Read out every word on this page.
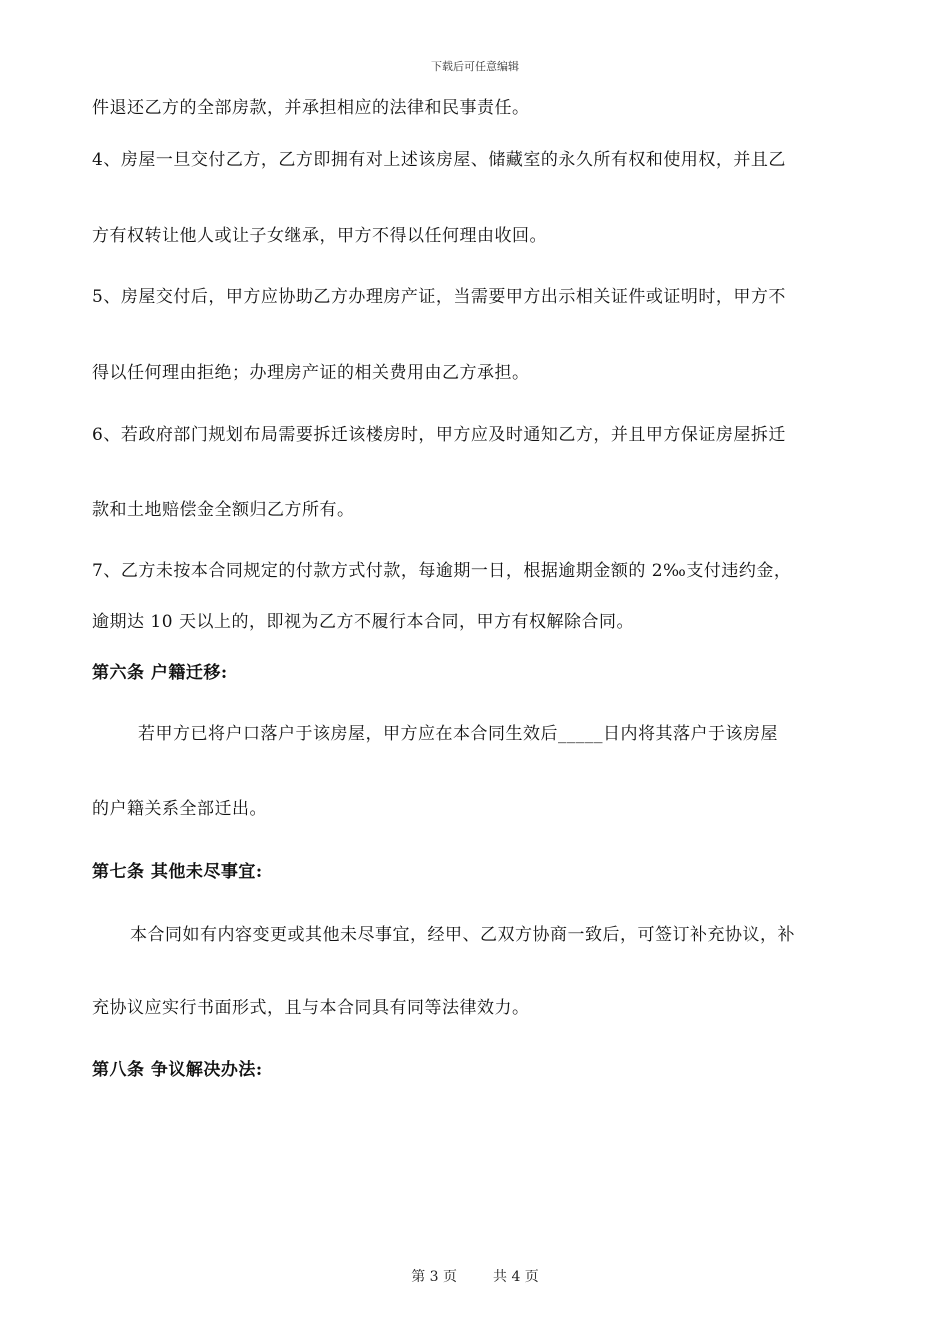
下载后可任意编辑
件退还乙方的全部房款，并承担相应的法律和民事责任。
4、房屋一旦交付乙方，乙方即拥有对上述该房屋、储藏室的永久所有权和使用权，并且乙
方有权转让他人或让子女继承，甲方不得以任何理由收回。
5、房屋交付后，甲方应协助乙方办理房产证，当需要甲方出示相关证件或证明时，甲方不
得以任何理由拒绝；办理房产证的相关费用由乙方承担。
6、若政府部门规划布局需要拆迁该楼房时，甲方应及时通知乙方，并且甲方保证房屋拆迁
款和土地赔偿金全额归乙方所有。
7、乙方未按本合同规定的付款方式付款，每逾期一日，根据逾期金额的 2‰支付违约金，
逾期达 10 天以上的，即视为乙方不履行本合同，甲方有权解除合同。
第六条 户籍迁移:
若甲方已将户口落户于该房屋，甲方应在本合同生效后_____日内将其落户于该房屋
的户籍关系全部迁出。
第七条 其他未尽事宜:
本合同如有内容变更或其他未尽事宜，经甲、乙双方协商一致后，可签订补充协议，补
充协议应实行书面形式，且与本合同具有同等法律效力。
第八条 争议解决办法:
第 3 页	共 4 页
